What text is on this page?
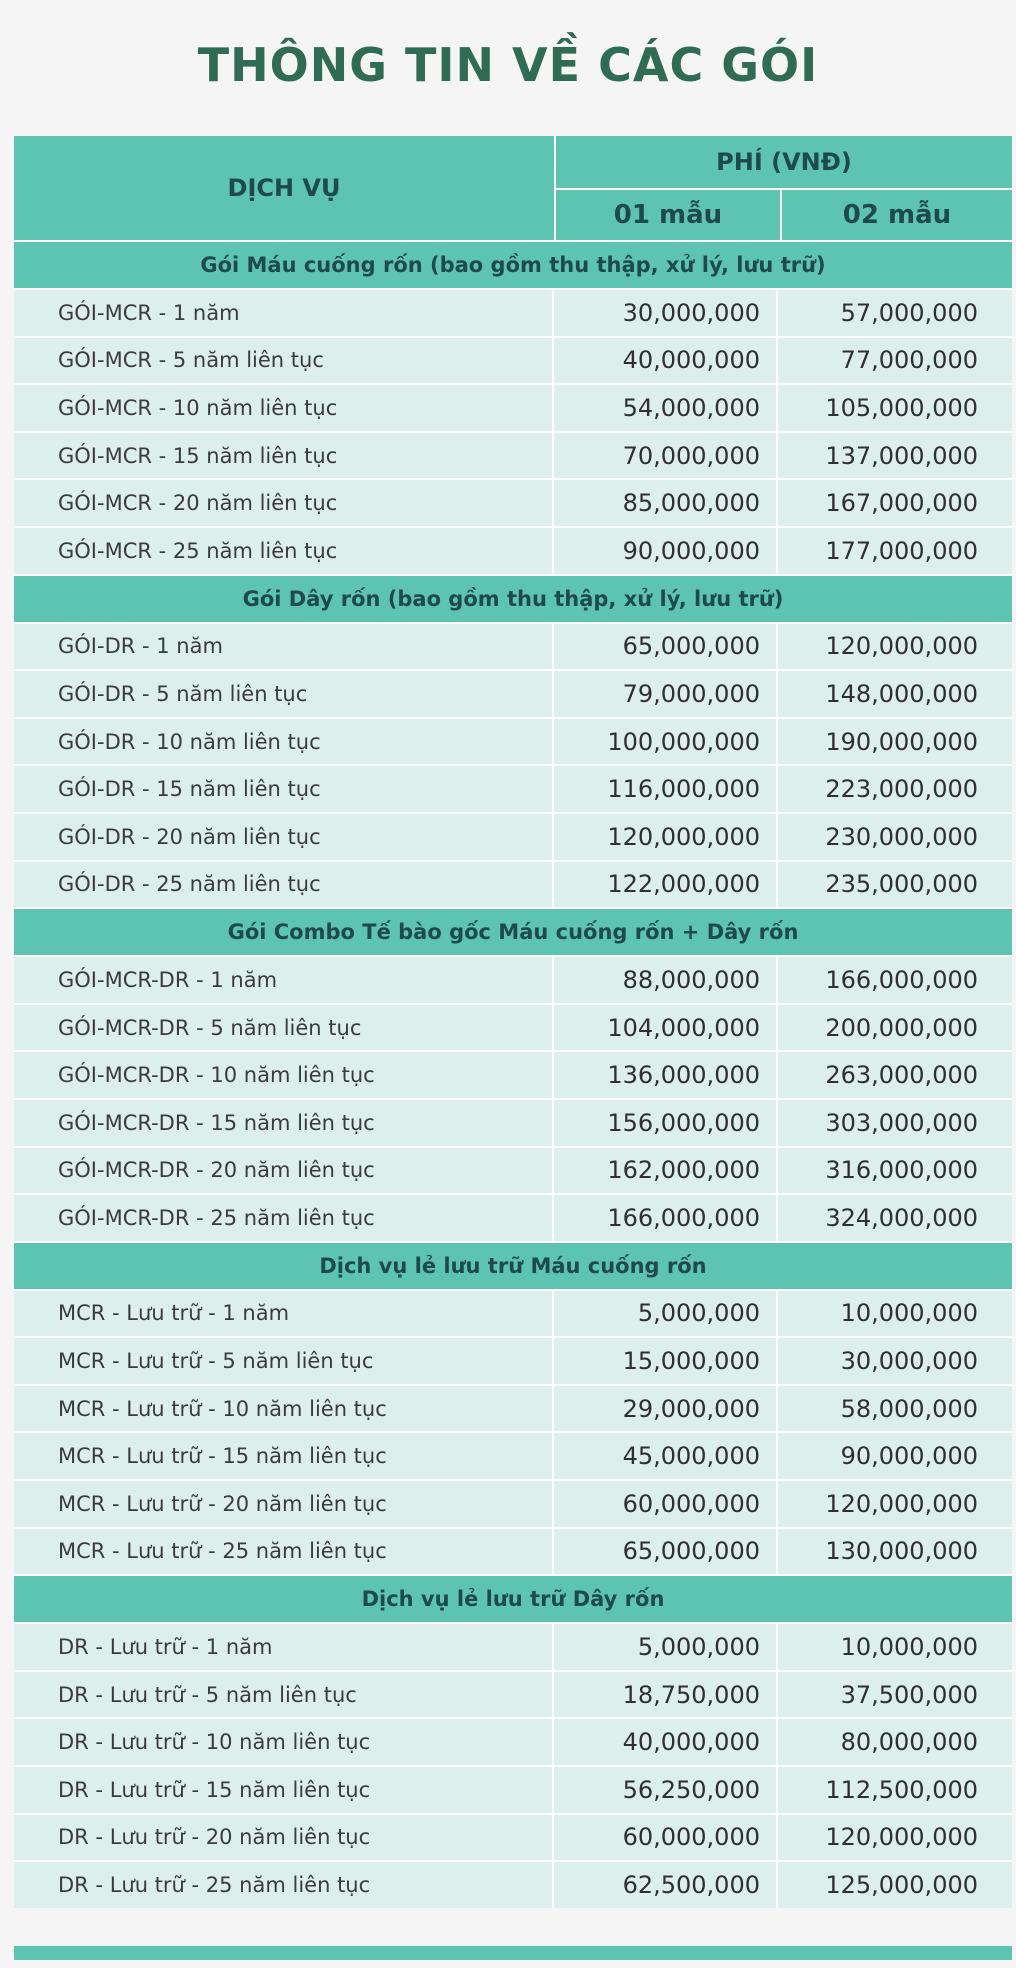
THÔNG TIN VỀ CÁC GÓI
DỊCH VỤ
PHÍ (VNĐ)
01 mẫu	02 mẫu
Gói Máu cuống rốn (bao gồm thu thập, xử lý, lưu trữ)
GÓI-MCR - 1 năm	30,000,000	57,000,000
GÓI-MCR - 5 năm liên tục	40,000,000	77,000,000
GÓI-MCR - 10 năm liên tục	54,000,000	105,000,000
GÓI-MCR - 15 năm liên tục	70,000,000	137,000,000
GÓI-MCR - 20 năm liên tục	85,000,000	167,000,000
GÓI-MCR - 25 năm liên tục	90,000,000	177,000,000
Gói Dây rốn (bao gồm thu thập, xử lý, lưu trữ)
GÓI-DR - 1 năm	65,000,000	120,000,000
GÓI-DR - 5 năm liên tục	79,000,000	148,000,000
GÓI-DR - 10 năm liên tục	100,000,000	190,000,000
GÓI-DR - 15 năm liên tục	116,000,000	223,000,000
GÓI-DR - 20 năm liên tục	120,000,000	230,000,000
GÓI-DR - 25 năm liên tục	122,000,000	235,000,000
Gói Combo Tế bào gốc Máu cuống rốn + Dây rốn
GÓI-MCR-DR - 1 năm	88,000,000	166,000,000
GÓI-MCR-DR - 5 năm liên tục	104,000,000	200,000,000
GÓI-MCR-DR - 10 năm liên tục	136,000,000	263,000,000
GÓI-MCR-DR - 15 năm liên tục	156,000,000	303,000,000
GÓI-MCR-DR - 20 năm liên tục	162,000,000	316,000,000
GÓI-MCR-DR - 25 năm liên tục	166,000,000	324,000,000
Dịch vụ lẻ lưu trữ Máu cuống rốn
MCR - Lưu trữ - 1 năm	5,000,000	10,000,000
MCR - Lưu trữ - 5 năm liên tục	15,000,000	30,000,000
MCR - Lưu trữ - 10 năm liên tục	29,000,000	58,000,000
MCR - Lưu trữ - 15 năm liên tục	45,000,000	90,000,000
MCR - Lưu trữ - 20 năm liên tục	60,000,000	120,000,000
MCR - Lưu trữ - 25 năm liên tục	65,000,000	130,000,000
Dịch vụ lẻ lưu trữ Dây rốn
DR - Lưu trữ - 1 năm	5,000,000	10,000,000
DR - Lưu trữ - 5 năm liên tục	18,750,000	37,500,000
DR - Lưu trữ - 10 năm liên tục	40,000,000	80,000,000
DR - Lưu trữ - 15 năm liên tục	56,250,000	112,500,000
DR - Lưu trữ - 20 năm liên tục	60,000,000	120,000,000
DR - Lưu trữ - 25 năm liên tục	62,500,000	125,000,000
